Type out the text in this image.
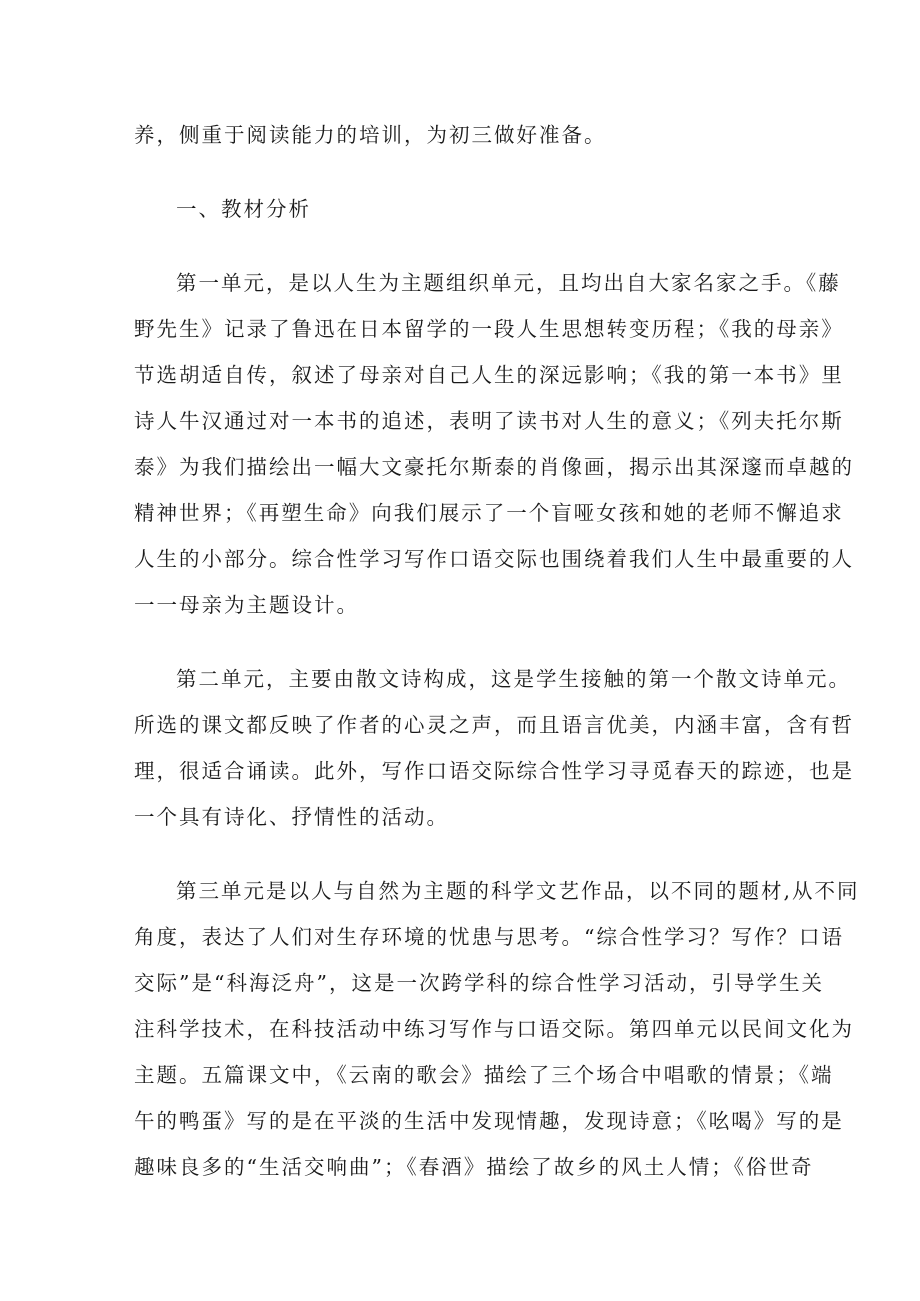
养，侧重于阅读能力的培训，为初三做好准备。

一、教材分析

第一单元，是以人生为主题组织单元，且均出自大家名家之手。《藤
野先生》记录了鲁迅在日本留学的一段人生思想转变历程；《我的母亲》
节选胡适自传，叙述了母亲对自己人生的深远影响；《我的第一本书》里
诗人牛汉通过对一本书的追述，表明了读书对人生的意义；《列夫托尔斯
泰》为我们描绘出一幅大文豪托尔斯泰的肖像画，揭示出其深邃而卓越的
精神世界；《再塑生命》向我们展示了一个盲哑女孩和她的老师不懈追求
人生的小部分。综合性学习写作口语交际也围绕着我们人生中最重要的人
一一母亲为主题设计。

第二单元，主要由散文诗构成，这是学生接触的第一个散文诗单元。
所选的课文都反映了作者的心灵之声，而且语言优美，内涵丰富，含有哲
理，很适合诵读。此外，写作口语交际综合性学习寻觅春天的踪迹，也是
一个具有诗化、抒情性的活动。

第三单元是以人与自然为主题的科学文艺作品，以不同的题材,从不同
角度，表达了人们对生存环境的忧患与思考。“综合性学习？写作？口语
交际”是“科海泛舟”，这是一次跨学科的综合性学习活动，引导学生关
注科学技术，在科技活动中练习写作与口语交际。第四单元以民间文化为
主题。五篇课文中，《云南的歌会》描绘了三个场合中唱歌的情景；《端
午的鸭蛋》写的是在平淡的生活中发现情趣，发现诗意；《吆喝》写的是
趣味良多的“生活交响曲”；《春酒》描绘了故乡的风土人情；《俗世奇
